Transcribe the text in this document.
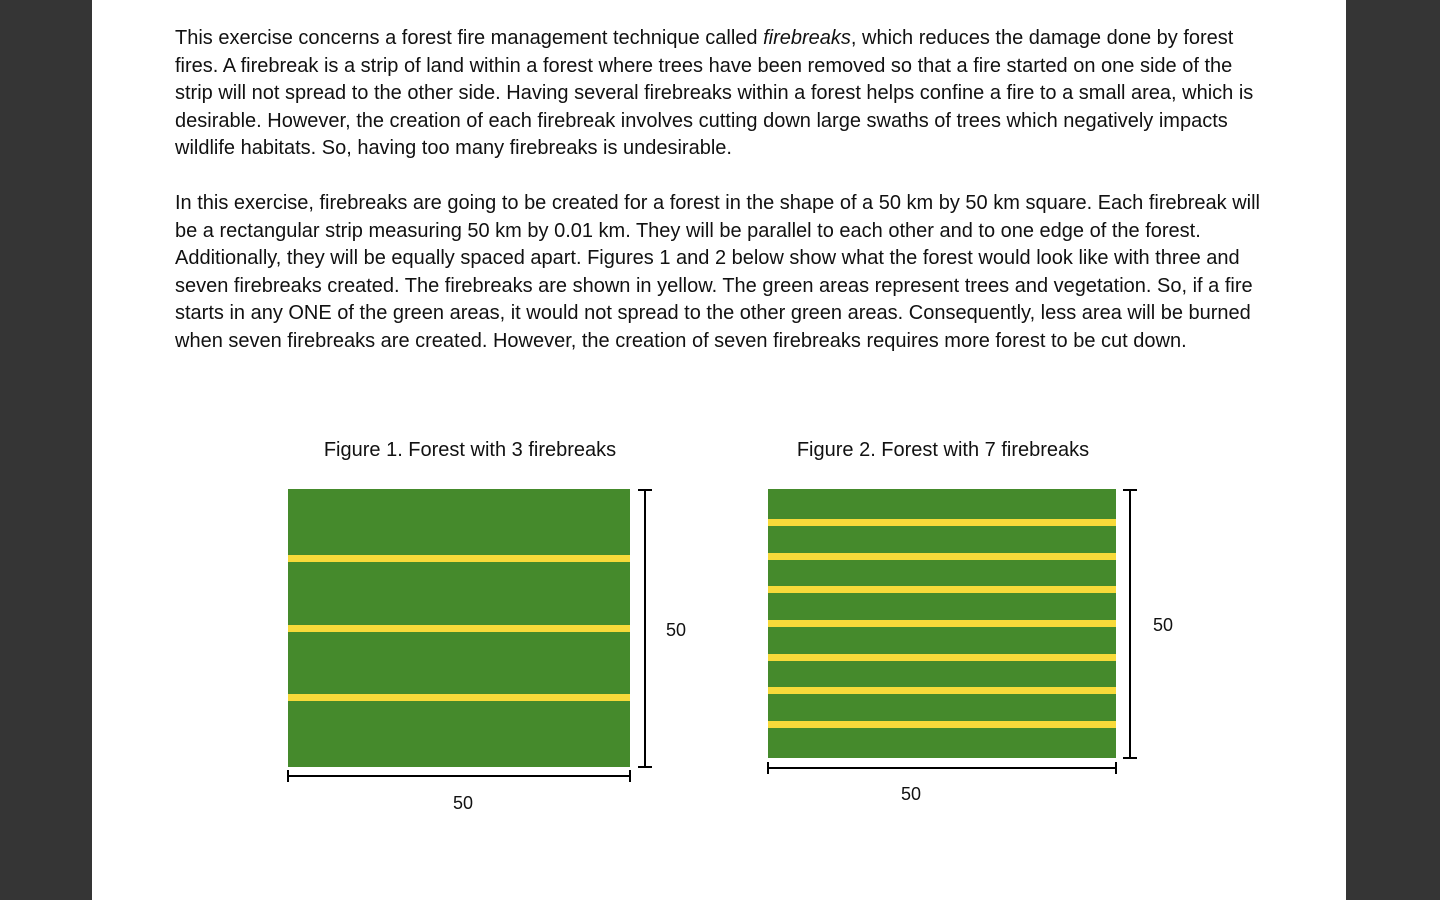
This exercise concerns a forest fire management technique called firebreaks, which reduces the damage done by forest fires. A firebreak is a strip of land within a forest where trees have been removed so that a fire started on one side of the strip will not spread to the other side. Having several firebreaks within a forest helps confine a fire to a small area, which is desirable. However, the creation of each firebreak involves cutting down large swaths of trees which negatively impacts wildlife habitats. So, having too many firebreaks is undesirable.

In this exercise, firebreaks are going to be created for a forest in the shape of a 50 km by 50 km square. Each firebreak will be a rectangular strip measuring 50 km by 0.01 km. They will be parallel to each other and to one edge of the forest. Additionally, they will be equally spaced apart. Figures 1 and 2 below show what the forest would look like with three and seven firebreaks created. The firebreaks are shown in yellow. The green areas represent trees and vegetation. So, if a fire starts in any ONE of the green areas, it would not spread to the other green areas. Consequently, less area will be burned when seven firebreaks are created. However, the creation of seven firebreaks requires more forest to be cut down.

Figure 1. Forest with 3 firebreaks
50
50
Figure 2. Forest with 7 firebreaks
50
50
